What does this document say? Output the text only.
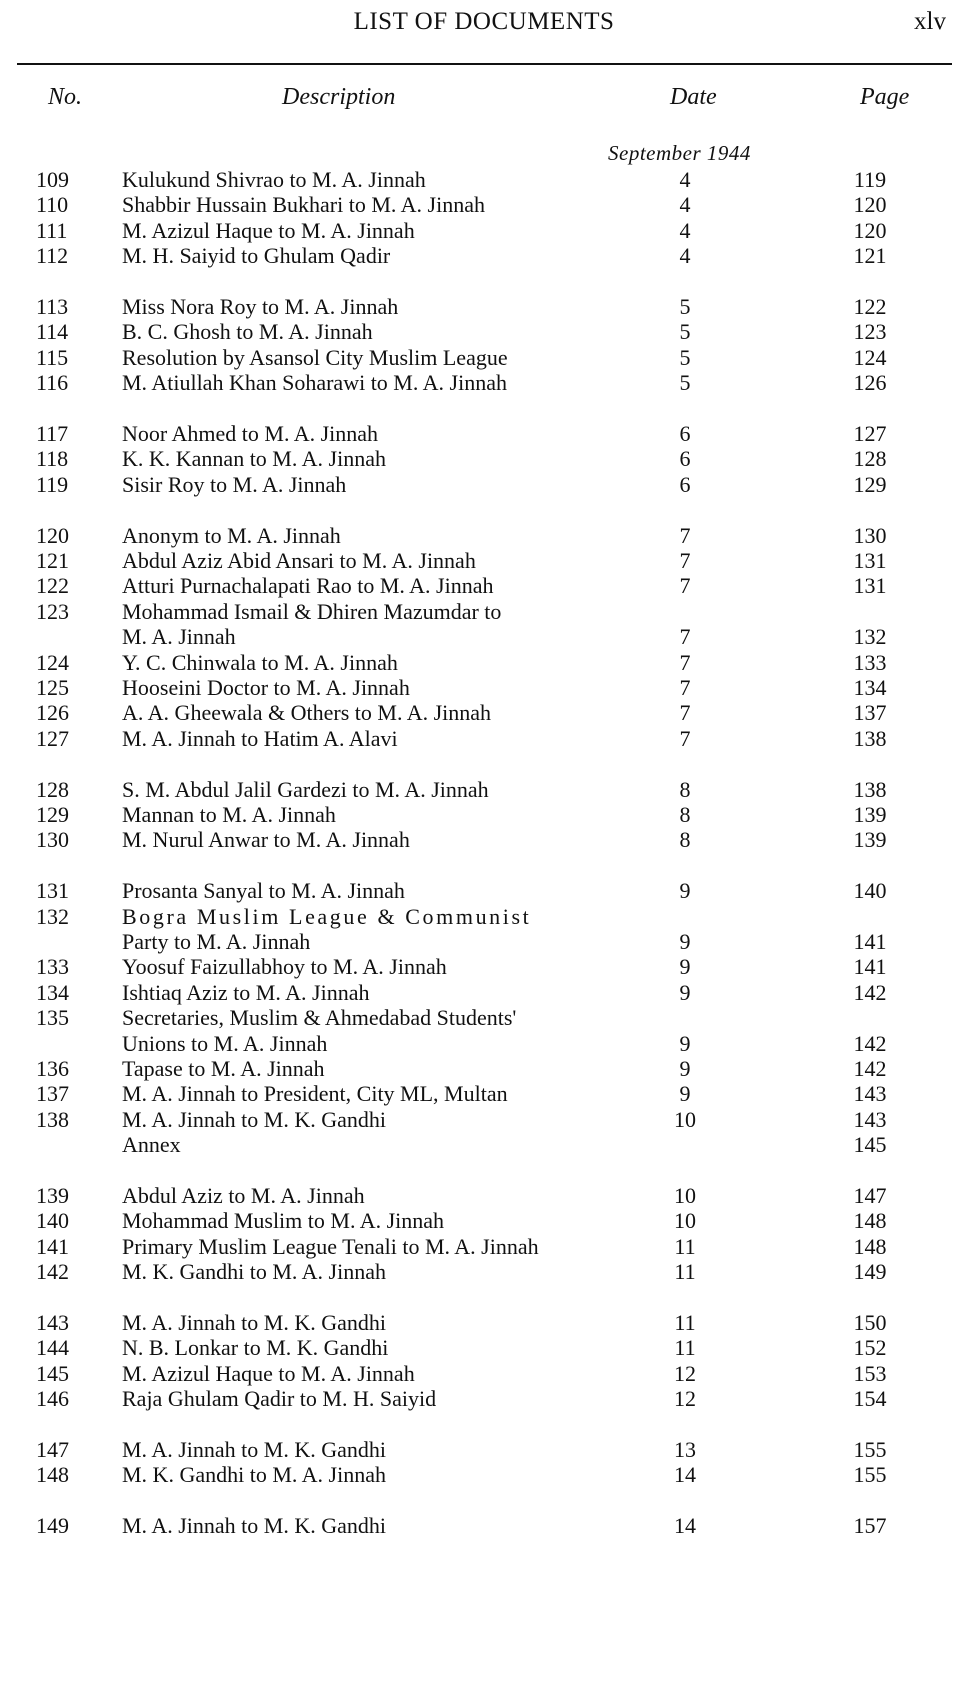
LIST OF DOCUMENTS	xlv
No.	Description	Date	Page
September 1944
109	Kulukund Shivrao to M. A. Jinnah	4	119
110	Shabbir Hussain Bukhari to M. A. Jinnah	4	120
111	M. Azizul Haque to M. A. Jinnah	4	120
112	M. H. Saiyid to Ghulam Qadir	4	121
113	Miss Nora Roy to M. A. Jinnah	5	122
114	B. C. Ghosh to M. A. Jinnah	5	123
115	Resolution by Asansol City Muslim League	5	124
116	M. Atiullah Khan Soharawi to M. A. Jinnah	5	126
117	Noor Ahmed to M. A. Jinnah	6	127
118	K. K. Kannan to M. A. Jinnah	6	128
119	Sisir Roy to M. A. Jinnah	6	129
120	Anonym to M. A. Jinnah	7	130
121	Abdul Aziz Abid Ansari to M. A. Jinnah	7	131
122	Atturi Purnachalapati Rao to M. A. Jinnah	7	131
123	Mohammad Ismail & Dhiren Mazumdar to
M. A. Jinnah	7	132
124	Y. C. Chinwala to M. A. Jinnah	7	133
125	Hooseini Doctor to M. A. Jinnah	7	134
126	A. A. Gheewala & Others to M. A. Jinnah	7	137
127	M. A. Jinnah to Hatim A. Alavi	7	138
128	S. M. Abdul Jalil Gardezi to M. A. Jinnah	8	138
129	Mannan to M. A. Jinnah	8	139
130	M. Nurul Anwar to M. A. Jinnah	8	139
131	Prosanta Sanyal to M. A. Jinnah	9	140
132	Bogra Muslim League & Communist
Party to M. A. Jinnah	9	141
133	Yoosuf Faizullabhoy to M. A. Jinnah	9	141
134	Ishtiaq Aziz to M. A. Jinnah	9	142
135	Secretaries, Muslim & Ahmedabad Students'
Unions to M. A. Jinnah	9	142
136	Tapase to M. A. Jinnah	9	142
137	M. A. Jinnah to President, City ML, Multan	9	143
138	M. A. Jinnah to M. K. Gandhi	10	143
Annex	145
139	Abdul Aziz to M. A. Jinnah	10	147
140	Mohammad Muslim to M. A. Jinnah	10	148
141	Primary Muslim League Tenali to M. A. Jinnah	11	148
142	M. K. Gandhi to M. A. Jinnah	11	149
143	M. A. Jinnah to M. K. Gandhi	11	150
144	N. B. Lonkar to M. K. Gandhi	11	152
145	M. Azizul Haque to M. A. Jinnah	12	153
146	Raja Ghulam Qadir to M. H. Saiyid	12	154
147	M. A. Jinnah to M. K. Gandhi	13	155
148	M. K. Gandhi to M. A. Jinnah	14	155
149	M. A. Jinnah to M. K. Gandhi	14	157
